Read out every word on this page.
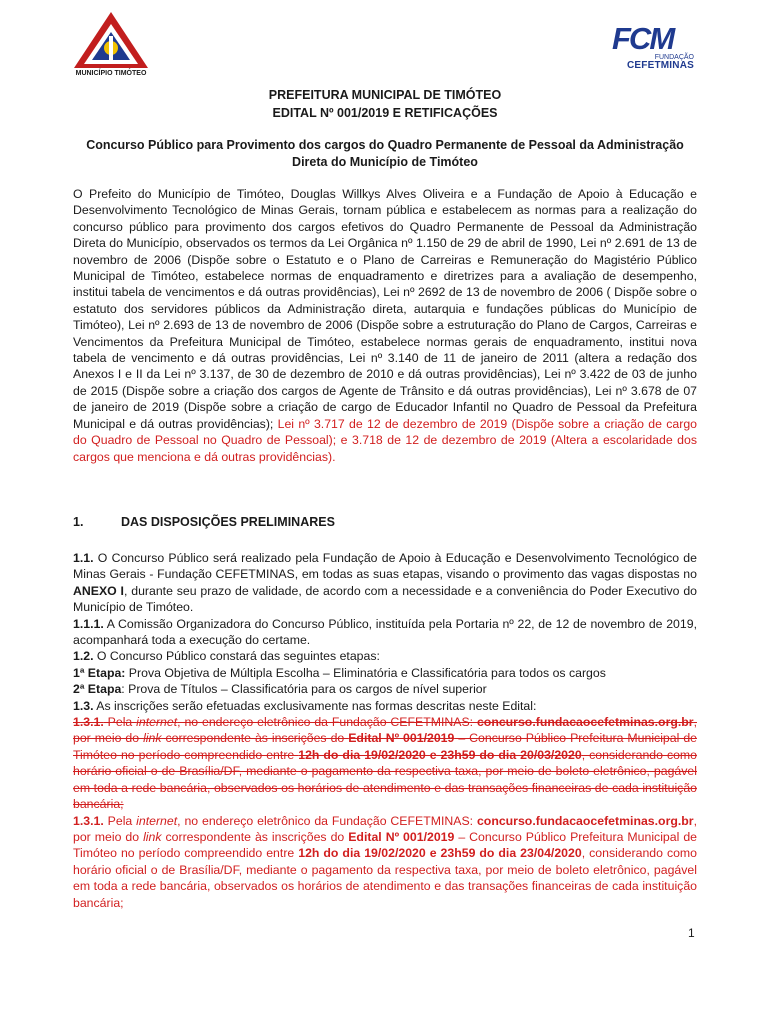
MUNICÍPIO TIMÓTEO
FCM
FUNDAÇÃO
CEFETMINAS
PREFEITURA MUNICIPAL DE TIMÓTEO
EDITAL Nº 001/2019 E RETIFICAÇÕES
Concurso Público para Provimento dos cargos do Quadro Permanente de Pessoal da Administração
Direta do Município de Timóteo
O Prefeito do Município de Timóteo, Douglas Willkys Alves Oliveira e a Fundação de Apoio à Educação e Desenvolvimento Tecnológico de Minas Gerais, tornam pública e estabelecem as normas para a realização do concurso público para provimento dos cargos efetivos do Quadro Permanente de Pessoal da Administração Direta do Município, observados os termos da Lei Orgânica nº 1.150 de 29 de abril de 1990, Lei nº 2.691 de 13 de novembro de 2006 (Dispõe sobre o Estatuto e o Plano de Carreiras e Remuneração do Magistério Público Municipal de Timóteo, estabelece normas de enquadramento e diretrizes para a avaliação de desempenho, institui tabela de vencimentos e dá outras providências), Lei nº 2692 de 13 de novembro de 2006 ( Dispõe sobre o estatuto dos servidores públicos da Administração direta, autarquia e fundações públicas do Município de Timóteo), Lei nº 2.693 de 13 de novembro de 2006 (Dispõe sobre a estruturação do Plano de Cargos, Carreiras e Vencimentos da Prefeitura Municipal de Timóteo, estabelece normas gerais de enquadramento, institui nova tabela de vencimento e dá outras providências, Lei nº 3.140 de 11 de janeiro de 2011 (altera a redação dos Anexos I e II da Lei nº 3.137, de 30 de dezembro de 2010 e dá outras providências), Lei nº 3.422 de 03 de junho de 2015 (Dispõe sobre a criação dos cargos de Agente de Trânsito e dá outras providências), Lei nº 3.678 de 07 de janeiro de 2019 (Dispõe sobre a criação de cargo de Educador Infantil no Quadro de Pessoal da Prefeitura Municipal e dá outras providências); Lei nº 3.717 de 12 de dezembro de 2019 (Dispõe sobre a criação de cargo do Quadro de Pessoal no Quadro de Pessoal); e 3.718 de 12 de dezembro de 2019 (Altera a escolaridade dos cargos que menciona e dá outras providências).
1.	DAS DISPOSIÇÕES PRELIMINARES
1.1. O Concurso Público será realizado pela Fundação de Apoio à Educação e Desenvolvimento Tecnológico de Minas Gerais - Fundação CEFETMINAS, em todas as suas etapas, visando o provimento das vagas dispostas no ANEXO I, durante seu prazo de validade, de acordo com a necessidade e a conveniência do Poder Executivo do Município de Timóteo.
1.1.1. A Comissão Organizadora do Concurso Público, instituída pela Portaria nº 22, de 12 de novembro de 2019, acompanhará toda a execução do certame.
1.2. O Concurso Público constará das seguintes etapas:
1ª Etapa: Prova Objetiva de Múltipla Escolha – Eliminatória e Classificatória para todos os cargos
2ª Etapa: Prova de Títulos – Classificatória para os cargos de nível superior
1.3. As inscrições serão efetuadas exclusivamente nas formas descritas neste Edital:
1.3.1. Pela internet, no endereço eletrônico da Fundação CEFETMINAS: concurso.fundacaocefetminas.org.br, por meio do link correspondente às inscrições do Edital Nº 001/2019 – Concurso Público Prefeitura Municipal de Timóteo no período compreendido entre 12h do dia 19/02/2020 e 23h59 do dia 20/03/2020, considerando como horário oficial o de Brasília/DF, mediante o pagamento da respectiva taxa, por meio de boleto eletrônico, pagável em toda a rede bancária, observados os horários de atendimento e das transações financeiras de cada instituição bancária;
1.3.1. Pela internet, no endereço eletrônico da Fundação CEFETMINAS: concurso.fundacaocefetminas.org.br, por meio do link correspondente às inscrições do Edital Nº 001/2019 – Concurso Público Prefeitura Municipal de Timóteo no período compreendido entre 12h do dia 19/02/2020 e 23h59 do dia 23/04/2020, considerando como horário oficial o de Brasília/DF, mediante o pagamento da respectiva taxa, por meio de boleto eletrônico, pagável em toda a rede bancária, observados os horários de atendimento e das transações financeiras de cada instituição bancária;
1
